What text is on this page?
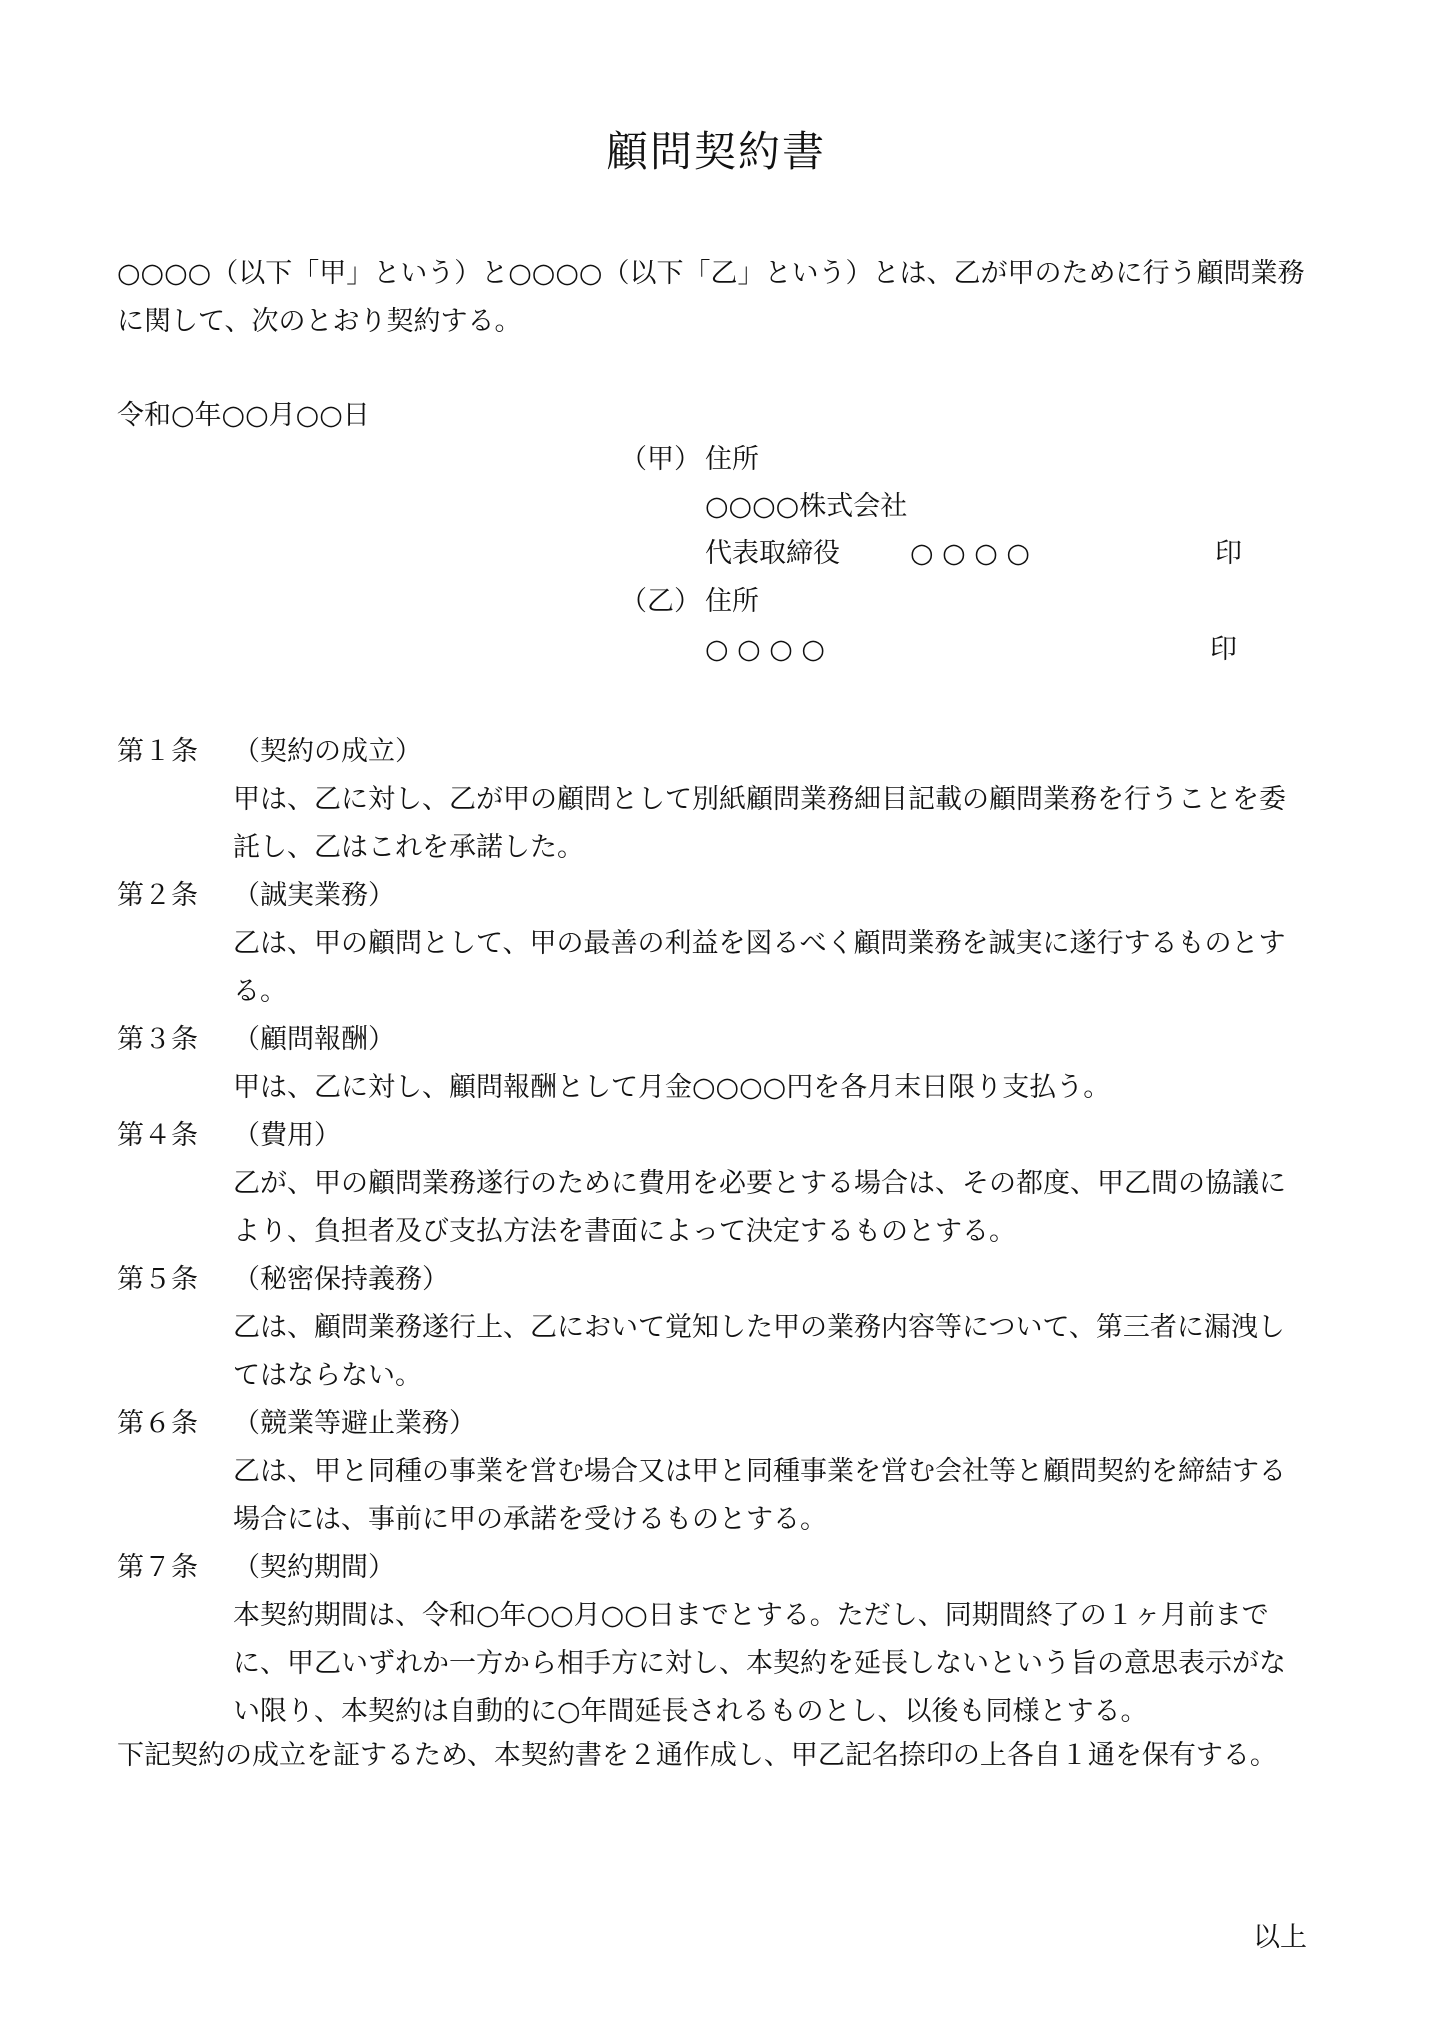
顧問契約書
○○○○（以下「甲」という）と○○○○（以下「乙」という）とは、乙が甲のために行う顧問業務に関して、次のとおり契約する。
令和○年○○月○○日
（甲） 住所
○○○○株式会社
代表取締役	○ ○ ○ ○	印
（乙） 住所
○ ○ ○ ○	印
第１条 （契約の成立）
甲は、乙に対し、乙が甲の顧問として別紙顧問業務細目記載の顧問業務を行うことを委託し、乙はこれを承諾した。
第２条 （誠実業務）
乙は、甲の顧問として、甲の最善の利益を図るべく顧問業務を誠実に遂行するものとする。
第３条 （顧問報酬）
甲は、乙に対し、顧問報酬として月金○○○○円を各月末日限り支払う。
第４条 （費用）
乙が、甲の顧問業務遂行のために費用を必要とする場合は、その都度、甲乙間の協議により、負担者及び支払方法を書面によって決定するものとする。
第５条 （秘密保持義務）
乙は、顧問業務遂行上、乙において覚知した甲の業務内容等について、第三者に漏洩してはならない。
第６条 （競業等避止業務）
乙は、甲と同種の事業を営む場合又は甲と同種事業を営む会社等と顧問契約を締結する場合には、事前に甲の承諾を受けるものとする。
第７条 （契約期間）
本契約期間は、令和○年○○月○○日までとする。ただし、同期間終了の１ヶ月前までに、甲乙いずれか一方から相手方に対し、本契約を延長しないという旨の意思表示がない限り、本契約は自動的に○年間延長されるものとし、以後も同様とする。
下記契約の成立を証するため、本契約書を２通作成し、甲乙記名捺印の上各自１通を保有する。
以上
